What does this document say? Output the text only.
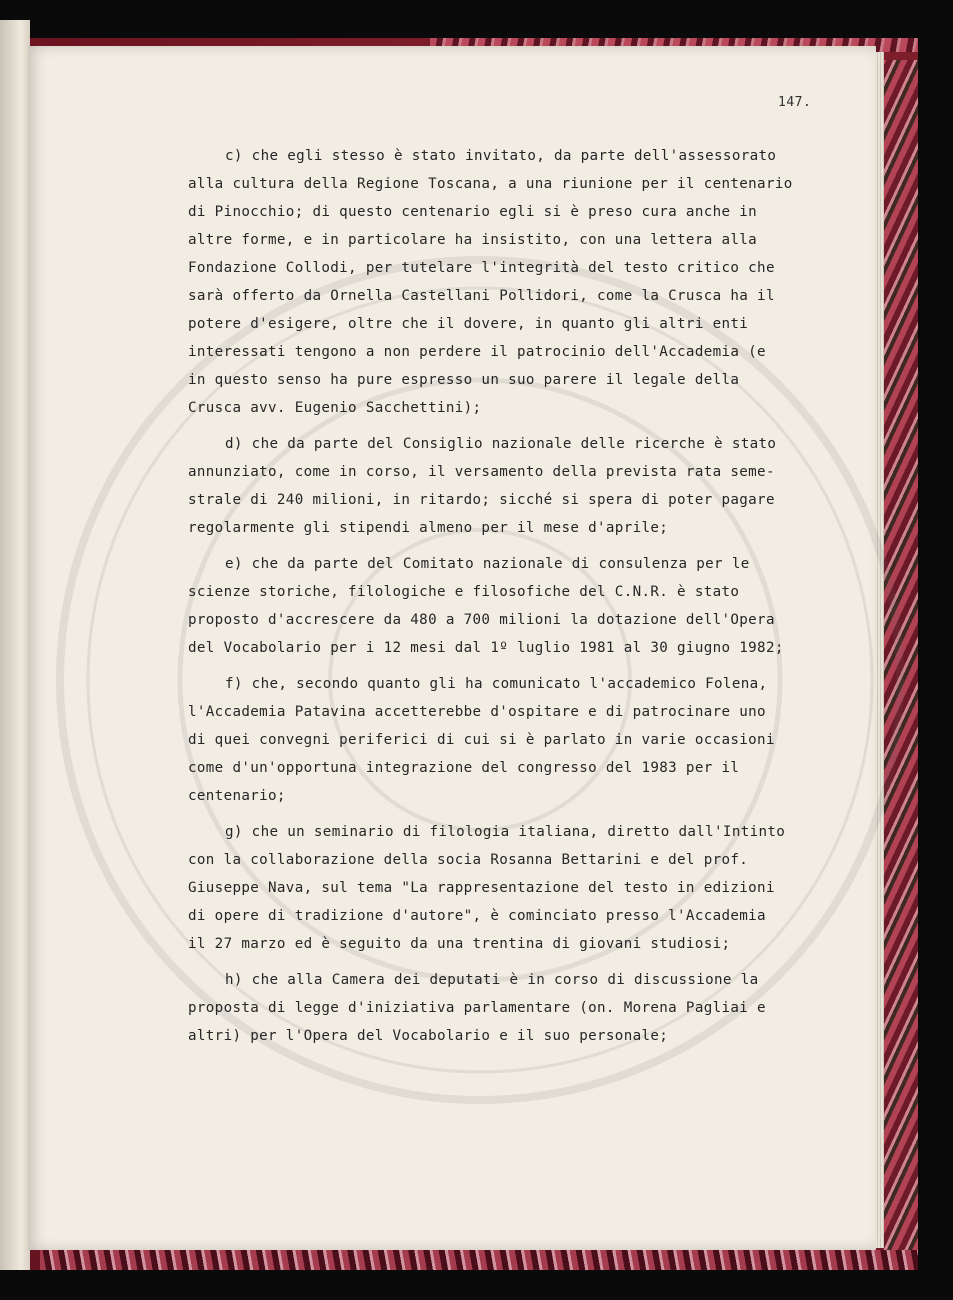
147.
c) che egli stesso è stato invitato, da parte dell'assessorato
alla cultura della Regione Toscana, a una riunione per il centenario
di Pinocchio; di questo centenario egli si è preso cura anche in
altre forme, e in particolare ha insistito, con una lettera alla
Fondazione Collodi, per tutelare l'integrità del testo critico che
sarà offerto da Ornella Castellani Pollidori, come la Crusca ha il
potere d'esigere, oltre che il dovere, in quanto gli altri enti
interessati tengono a non perdere il patrocinio dell'Accademia (e
in questo senso ha pure espresso un suo parere il legale della
Crusca avv. Eugenio Sacchettini);
d) che da parte del Consiglio nazionale delle ricerche è stato
annunziato, come in corso, il versamento della prevista rata seme-
strale di 240 milioni, in ritardo; sicché si spera di poter pagare
regolarmente gli stipendi almeno per il mese d'aprile;
e) che da parte del Comitato nazionale di consulenza per le
scienze storiche, filologiche e filosofiche del C.N.R. è stato
proposto d'accrescere da 480 a 700 milioni la dotazione dell'Opera
del Vocabolario per i 12 mesi dal 1º luglio 1981 al 30 giugno 1982;
f) che, secondo quanto gli ha comunicato l'accademico Folena,
l'Accademia Patavina accetterebbe d'ospitare e di patrocinare uno
di quei convegni periferici di cui si è parlato in varie occasioni
come d'un'opportuna integrazione del congresso del 1983 per il
centenario;
g) che un seminario di filologia italiana, diretto dall'Intinto
con la collaborazione della socia Rosanna Bettarini e del prof.
Giuseppe Nava, sul tema "La rappresentazione del testo in edizioni
di opere di tradizione d'autore", è cominciato presso l'Accademia
il 27 marzo ed è seguito da una trentina di giovani studiosi;
h) che alla Camera dei deputati è in corso di discussione la
proposta di legge d'iniziativa parlamentare (on. Morena Pagliai e
altri) per l'Opera del Vocabolario e il suo personale;
